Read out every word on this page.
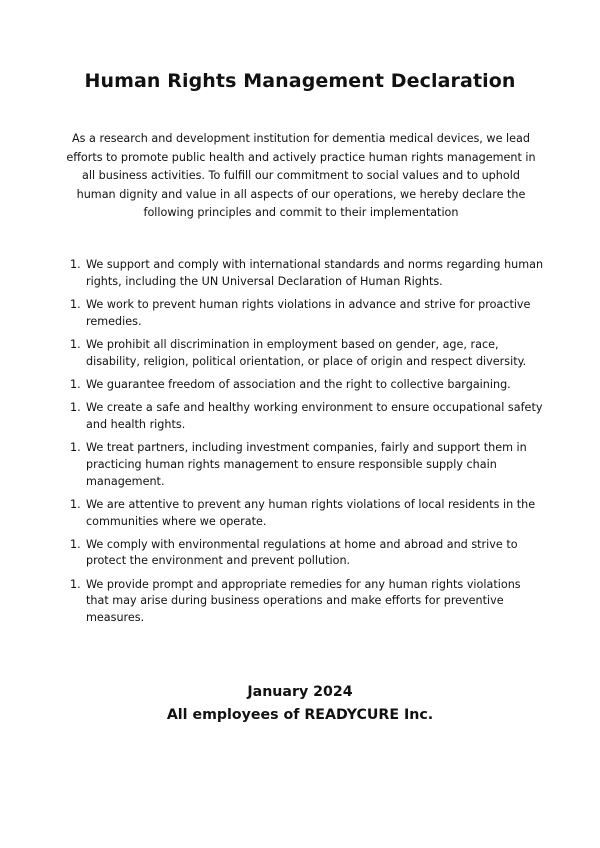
Human Rights Management Declaration

As a research and development institution for dementia medical devices, we lead efforts to promote public health and actively practice human rights management in all business activities. To fulfill our commitment to social values and to uphold human dignity and value in all aspects of our operations, we hereby declare the following principles and commit to their implementation

1. We support and comply with international standards and norms regarding human rights, including the UN Universal Declaration of Human Rights.
1. We work to prevent human rights violations in advance and strive for proactive remedies.
1. We prohibit all discrimination in employment based on gender, age, race, disability, religion, political orientation, or place of origin and respect diversity.
1. We guarantee freedom of association and the right to collective bargaining.
1. We create a safe and healthy working environment to ensure occupational safety and health rights.
1. We treat partners, including investment companies, fairly and support them in practicing human rights management to ensure responsible supply chain management.
1. We are attentive to prevent any human rights violations of local residents in the communities where we operate.
1. We comply with environmental regulations at home and abroad and strive to protect the environment and prevent pollution.
1. We provide prompt and appropriate remedies for any human rights violations that may arise during business operations and make efforts for preventive measures.
January 2024
All employees of READYCURE Inc.
